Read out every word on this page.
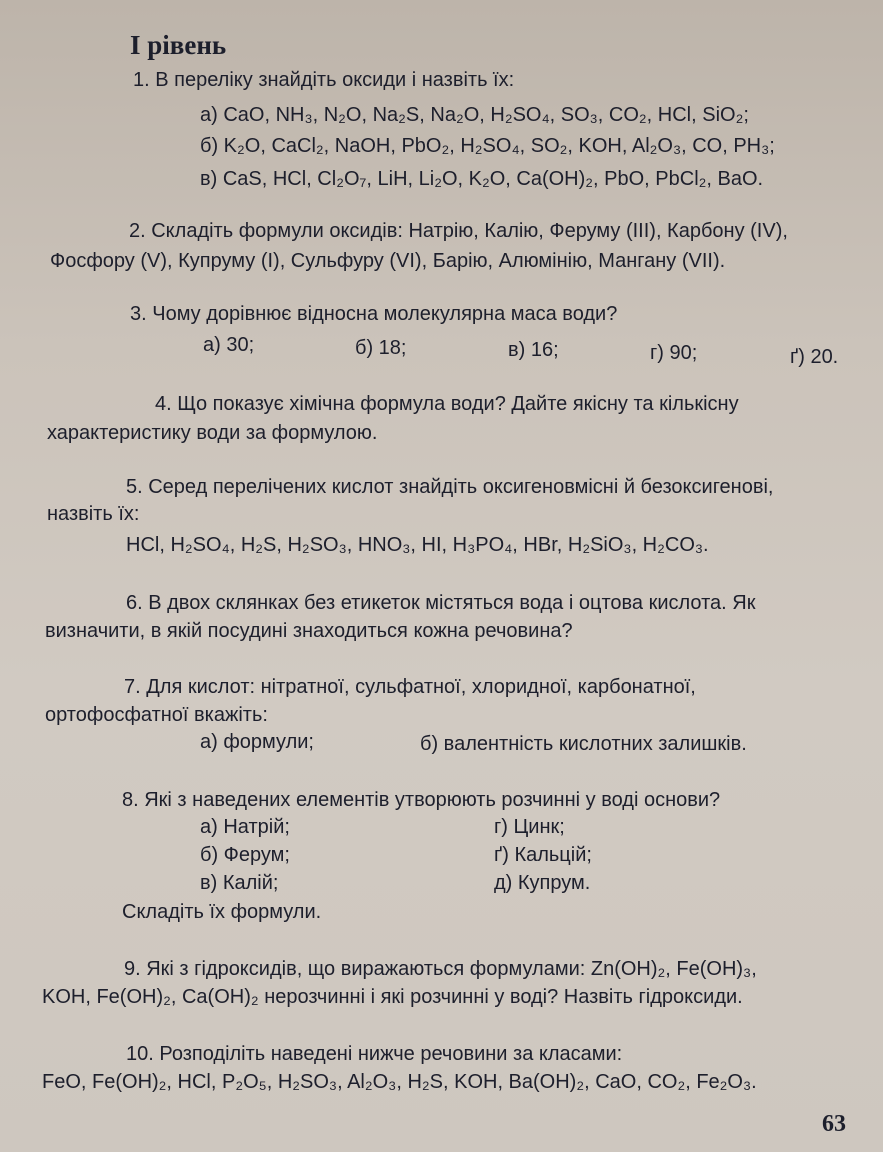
I рівень
1. В переліку знайдіть оксиди і назвіть їх:
а) CaO, NH₃, N₂O, Na₂S, Na₂O, H₂SO₄, SO₃, CO₂, HCl, SiO₂;
б) K₂O, CaCl₂, NaOH, PbO₂, H₂SO₄, SO₂, KOH, Al₂O₃, CO, PH₃;
в) CaS, HCl, Cl₂O₇, LiH, Li₂O, K₂O, Ca(OH)₂, PbO, PbCl₂, BaO.
2. Складіть формули оксидів: Натрію, Калію, Феруму (III), Карбону (IV),
Фосфору (V), Купруму (I), Сульфуру (VI), Барію, Алюмінію, Мангану (VII).
3. Чому дорівнює відносна молекулярна маса води?
а) 30;	б) 18;	в) 16;	г) 90;	ґ) 20.
4. Що показує хімічна формула води? Дайте якісну та кількісну
характеристику води за формулою.
5. Серед перелічених кислот знайдіть оксигеновмісні й безоксигенові,
назвіть їх:
HCl, H₂SO₄, H₂S, H₂SO₃, HNO₃, HI, H₃PO₄, HBr, H₂SiO₃, H₂CO₃.
6. В двох склянках без етикеток містяться вода і оцтова кислота. Як
визначити, в якій посудині знаходиться кожна речовина?
7. Для кислот: нітратної, сульфатної, хлоридної, карбонатної,
ортофосфатної вкажіть:
а) формули;	б) валентність кислотних залишків.
8. Які з наведених елементів утворюють розчинні у воді основи?
а) Натрій;
б) Ферум;
в) Калій;
г) Цинк;
ґ) Кальцій;
д) Купрум.
Складіть їх формули.
9. Які з гідроксидів, що виражаються формулами: Zn(OH)₂, Fe(OH)₃,
KOH, Fe(OH)₂, Ca(OH)₂ нерозчинні і які розчинні у воді? Назвіть гідроксиди.
10. Розподіліть наведені нижче речовини за класами:
FeO, Fe(OH)₂, HCl, P₂O₅, H₂SO₃, Al₂O₃, H₂S, KOH, Ba(OH)₂, CaO, CO₂, Fe₂O₃.
63
